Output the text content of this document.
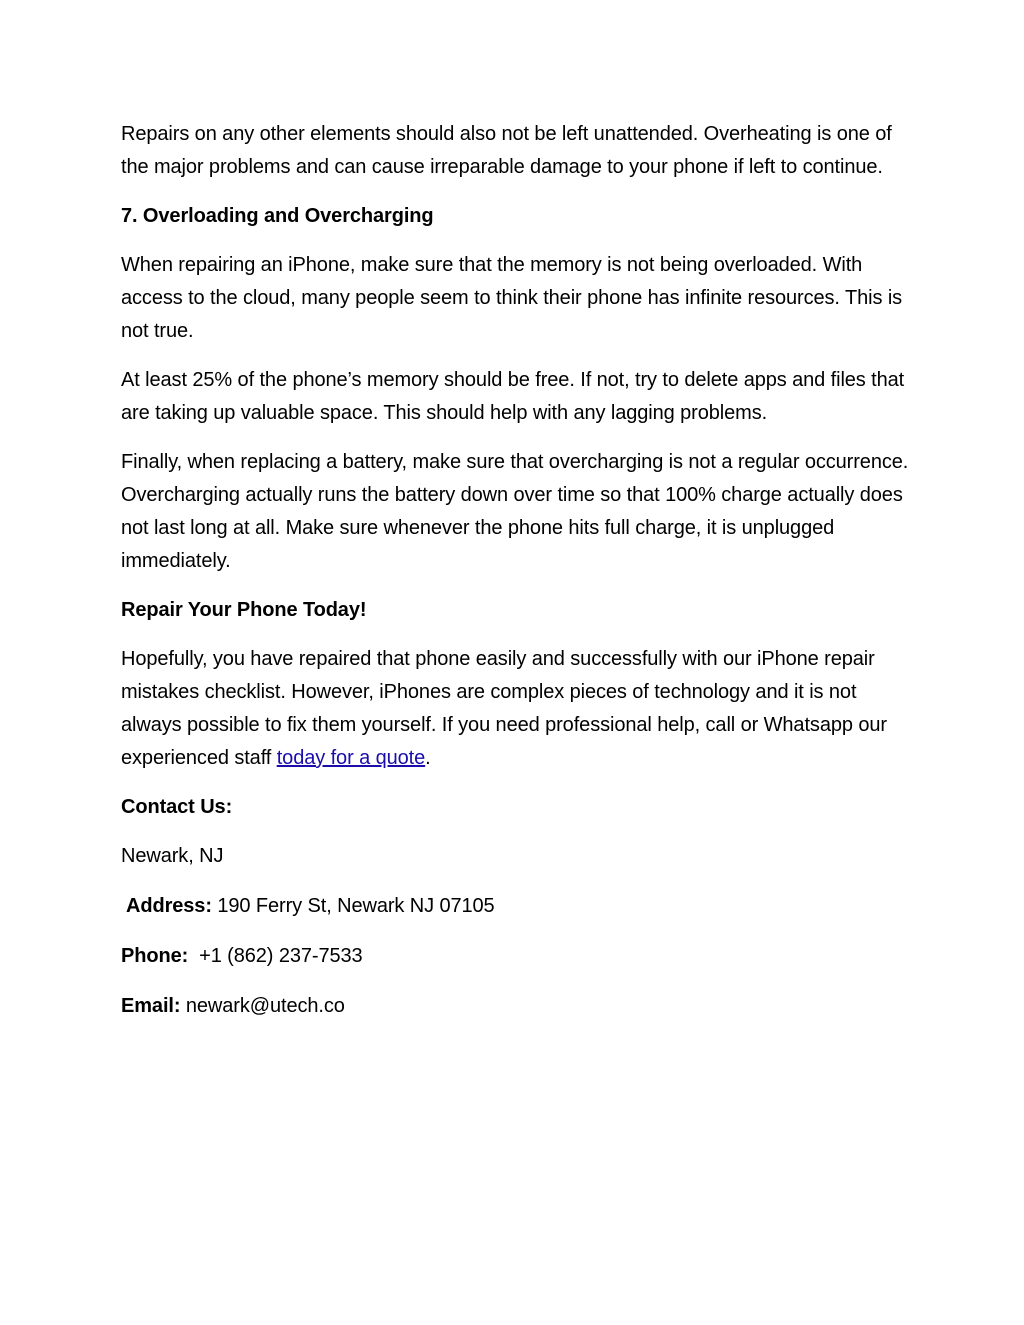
Repairs on any other elements should also not be left unattended. Overheating is one of the major problems and can cause irreparable damage to your phone if left to continue.

7. Overloading and Overcharging

When repairing an iPhone, make sure that the memory is not being overloaded. With access to the cloud, many people seem to think their phone has infinite resources. This is not true.

At least 25% of the phone’s memory should be free. If not, try to delete apps and files that are taking up valuable space. This should help with any lagging problems.

Finally, when replacing a battery, make sure that overcharging is not a regular occurrence. Overcharging actually runs the battery down over time so that 100% charge actually does not last long at all. Make sure whenever the phone hits full charge, it is unplugged immediately.

Repair Your Phone Today!

Hopefully, you have repaired that phone easily and successfully with our iPhone repair mistakes checklist. However, iPhones are complex pieces of technology and it is not always possible to fix them yourself. If you need professional help, call or Whatsapp our experienced staff today for a quote.

Contact Us:

Newark, NJ

Address: 190 Ferry St, Newark NJ 07105

Phone: +1 (862) 237-7533

Email: newark@utech.co
